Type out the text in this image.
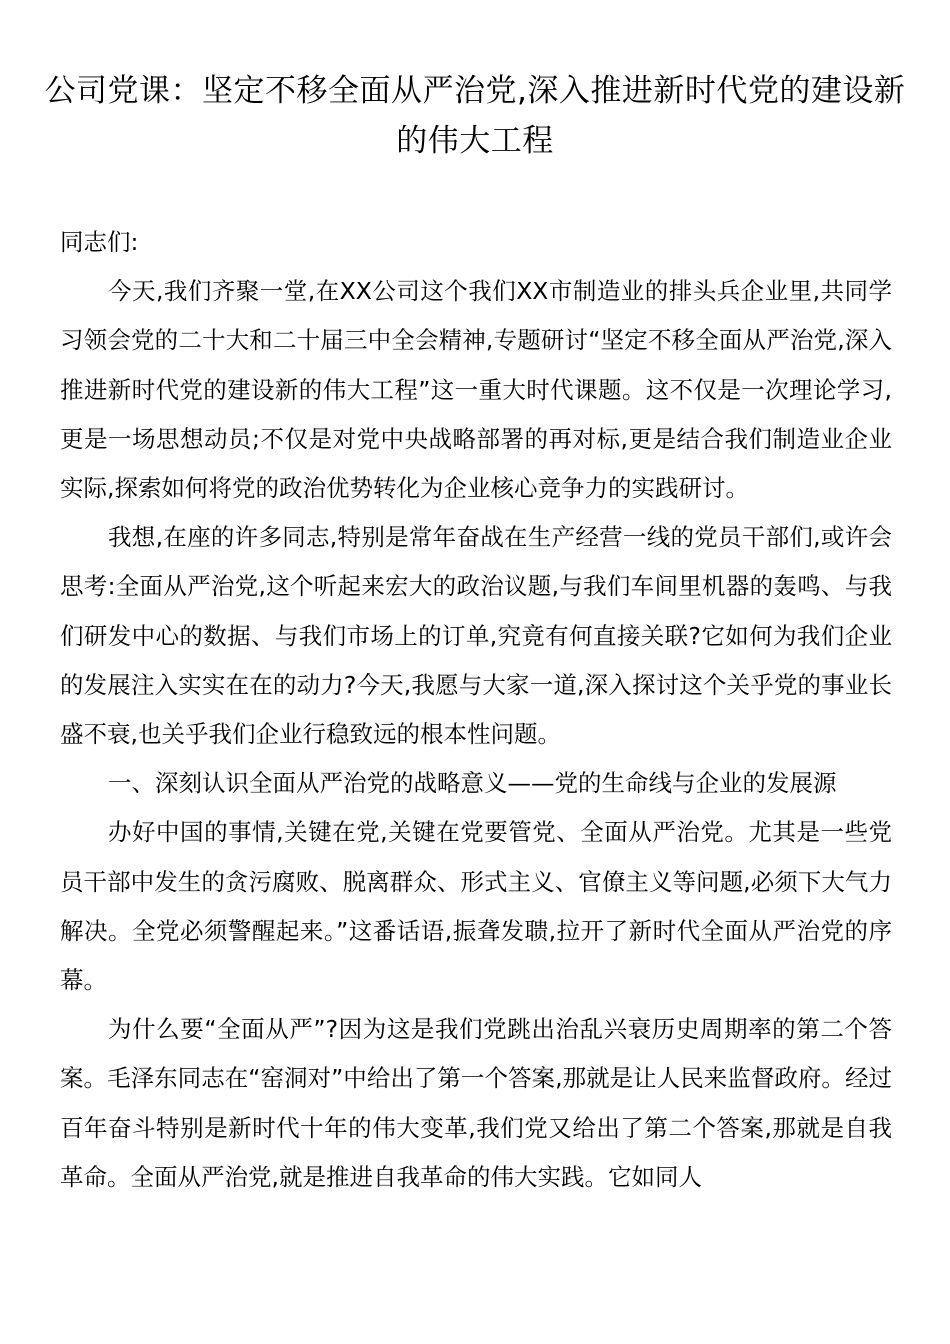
公司党课：坚定不移全面从严治党,深入推进新时代党的建设新的伟大工程

同志们:

今天,我们齐聚一堂,在XX公司这个我们XX市制造业的排头兵企业里,共同学习领会党的二十大和二十届三中全会精神,专题研讨“坚定不移全面从严治党,深入推进新时代党的建设新的伟大工程”这一重大时代课题。这不仅是一次理论学习,更是一场思想动员;不仅是对党中央战略部署的再对标,更是结合我们制造业企业实际,探索如何将党的政治优势转化为企业核心竞争力的实践研讨。

我想,在座的许多同志,特别是常年奋战在生产经营一线的党员干部们,或许会思考:全面从严治党,这个听起来宏大的政治议题,与我们车间里机器的轰鸣、与我们研发中心的数据、与我们市场上的订单,究竟有何直接关联?它如何为我们企业的发展注入实实在在的动力?今天,我愿与大家一道,深入探讨这个关乎党的事业长盛不衰,也关乎我们企业行稳致远的根本性问题。

一、深刻认识全面从严治党的战略意义——党的生命线与企业的发展源

办好中国的事情,关键在党,关键在党要管党、全面从严治党。尤其是一些党员干部中发生的贪污腐败、脱离群众、形式主义、官僚主义等问题,必须下大气力解决。全党必须警醒起来。”这番话语,振聋发聩,拉开了新时代全面从严治党的序幕。

为什么要“全面从严”?因为这是我们党跳出治乱兴衰历史周期率的第二个答案。毛泽东同志在“窑洞对”中给出了第一个答案,那就是让人民来监督政府。经过百年奋斗特别是新时代十年的伟大变革,我们党又给出了第二个答案,那就是自我革命。全面从严治党,就是推进自我革命的伟大实践。它如同人
